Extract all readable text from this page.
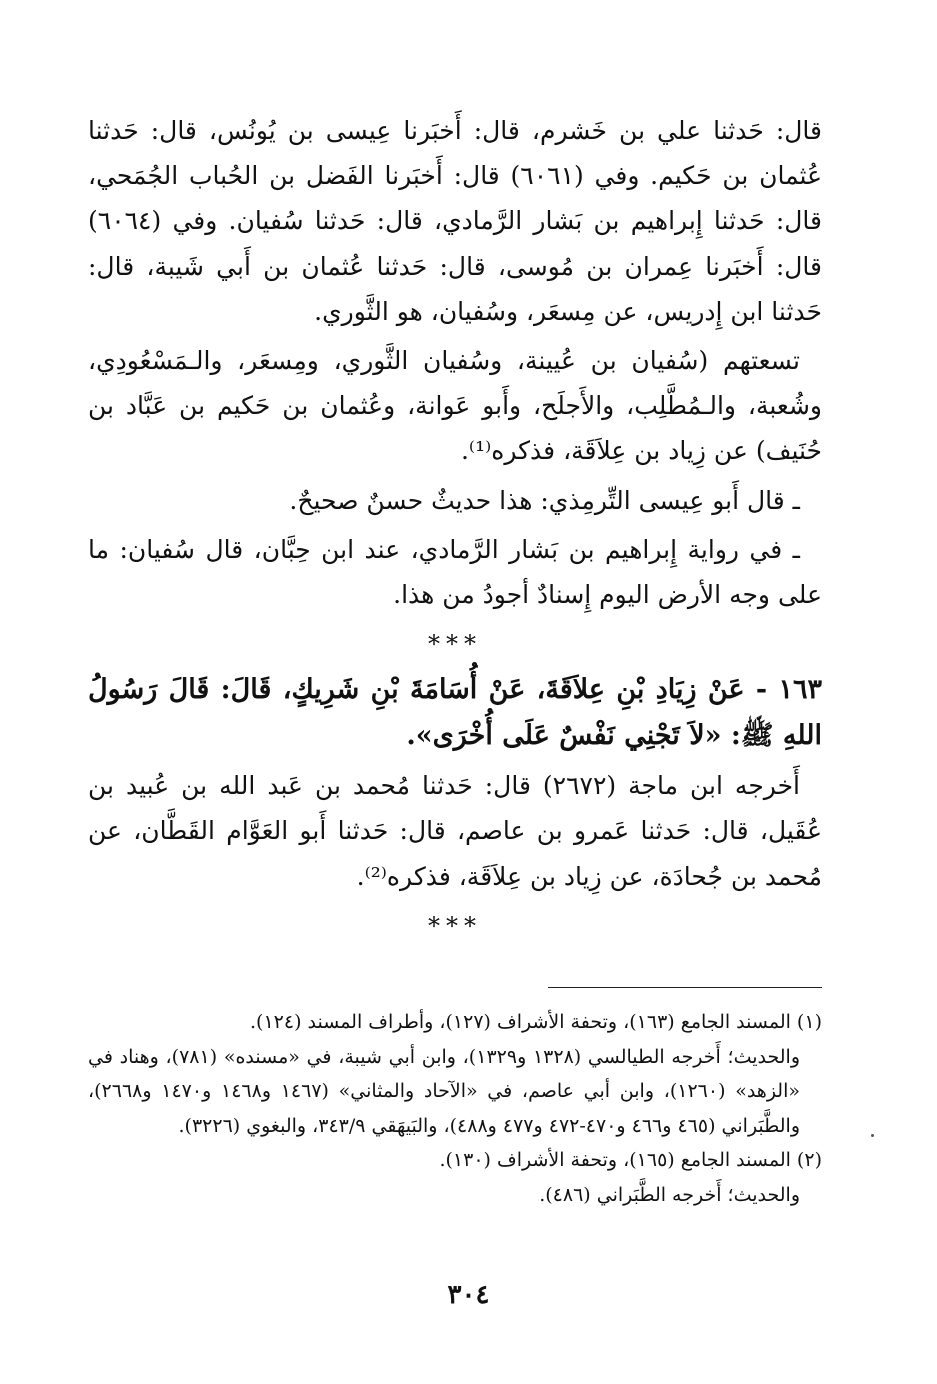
قال: حَدثنا علي بن خَشرم، قال: أَخبَرنا عِيسى بن يُونُس، قال: حَدثنا عُثمان بن حَكيم. وفي (٦٠٦١) قال: أَخبَرنا الفَضل بن الحُباب الجُمَحي، قال: حَدثنا إِبراهيم بن بَشار الرَّمادي، قال: حَدثنا سُفيان. وفي (٦٠٦٤) قال: أَخبَرنا عِمران بن مُوسى، قال: حَدثنا عُثمان بن أَبي شَيبة، قال: حَدثنا ابن إِدريس، عن مِسعَر، وسُفيان، هو الثَّوري.

تسعتهم (سُفيان بن عُيينة، وسُفيان الثَّوري، ومِسعَر، والـمَسْعُودِي، وشُعبة، والـمُطَّلِب، والأَجلَح، وأَبو عَوانة، وعُثمان بن حَكيم بن عَبَّاد بن حُنَيف) عن زِياد بن عِلاَقَة، فذكره⁽¹⁾.

ـ قال أَبو عِيسى التِّرمِذي: هذا حديثٌ حسنٌ صحيحٌ.

ـ في رواية إِبراهيم بن بَشار الرَّمادي، عند ابن حِبَّان، قال سُفيان: ما على وجه الأرض اليوم إِسنادٌ أجودُ من هذا.

***

١٦٣ - عَنْ زِيَادِ بْنِ عِلاَقَةَ، عَنْ أُسَامَةَ بْنِ شَرِيكٍ، قَالَ: قَالَ رَسُولُ اللهِ ﷺ: «لاَ تَجْنِي نَفْسٌ عَلَى أُخْرَى».

أَخرجه ابن ماجة (٢٦٧٢) قال: حَدثنا مُحمد بن عَبد الله بن عُبيد بن عُقَيل، قال: حَدثنا عَمرو بن عاصم، قال: حَدثنا أَبو العَوَّام القَطَّان، عن مُحمد بن جُحادَة، عن زِياد بن عِلاَقَة، فذكره⁽²⁾.

***

(١) المسند الجامع (١٦٣)، وتحفة الأشراف (١٢٧)، وأطراف المسند (١٢٤).

والحديث؛ أَخرجه الطيالسي (١٣٢٨ و١٣٢٩)، وابن أبي شيبة، في «مسنده» (٧٨١)، وهناد في «الزهد» (١٢٦٠)، وابن أبي عاصم، في «الآحاد والمثاني» (١٤٦٧ و١٤٦٨ و١٤٧٠ و٢٦٦٨)، والطَّبَراني (٤٦٥ و٤٦٦ و٤٧٠-٤٧٢ و٤٧٧ و٤٨٨)، والبَيهَقي ٣٤٣/٩، والبغوي (٣٢٢٦).

(٢) المسند الجامع (١٦٥)، وتحفة الأشراف (١٣٠).

والحديث؛ أَخرجه الطَّبَراني (٤٨٦).

٣٠٤
